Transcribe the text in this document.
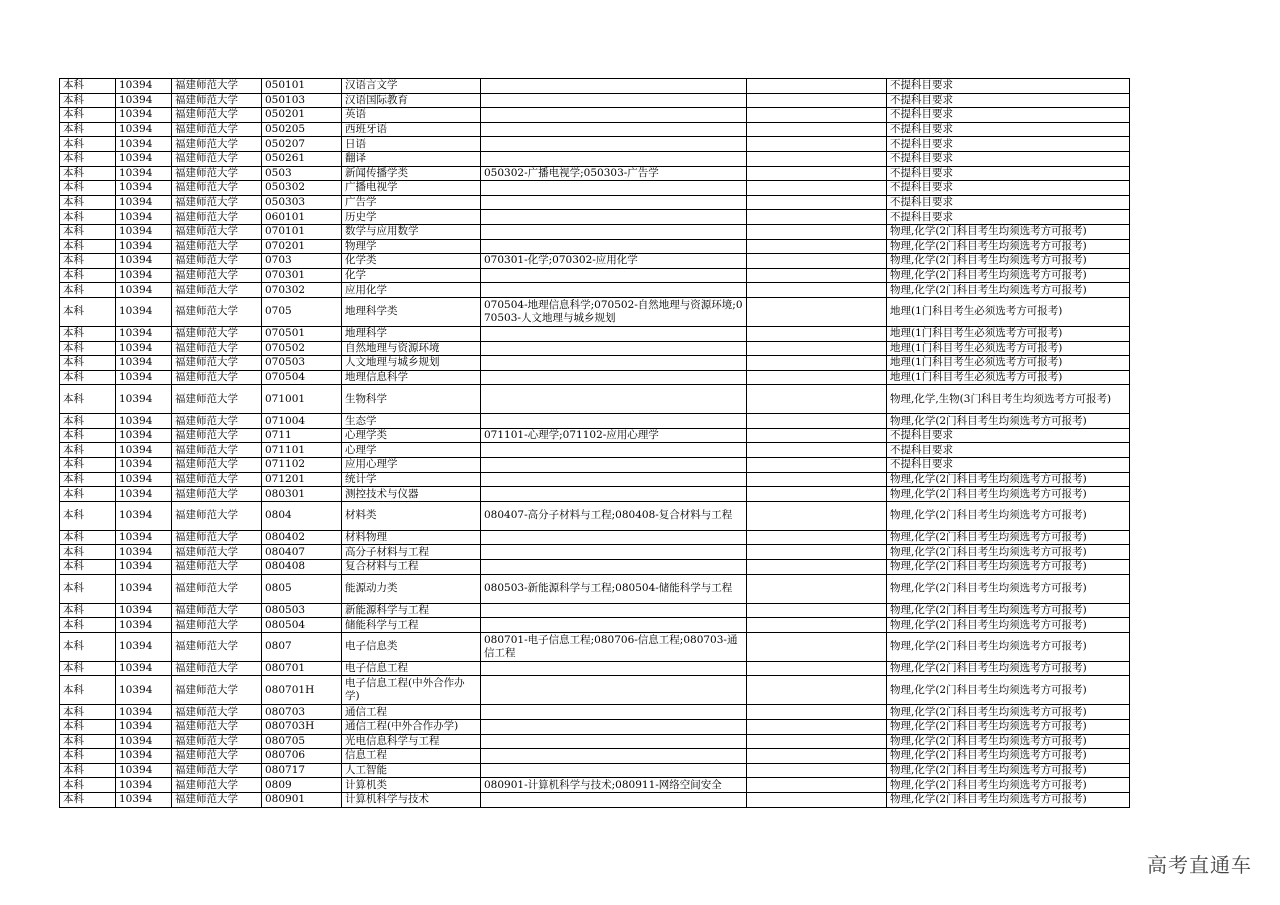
本科	10394	福建师范大学	050101	汉语言文学			不提科目要求
本科	10394	福建师范大学	050103	汉语国际教育			不提科目要求
本科	10394	福建师范大学	050201	英语			不提科目要求
本科	10394	福建师范大学	050205	西班牙语			不提科目要求
本科	10394	福建师范大学	050207	日语			不提科目要求
本科	10394	福建师范大学	050261	翻译			不提科目要求
本科	10394	福建师范大学	0503	新闻传播学类	050302-广播电视学;050303-广告学		不提科目要求
本科	10394	福建师范大学	050302	广播电视学			不提科目要求
本科	10394	福建师范大学	050303	广告学			不提科目要求
本科	10394	福建师范大学	060101	历史学			不提科目要求
本科	10394	福建师范大学	070101	数学与应用数学			物理,化学(2门科目考生均须选考方可报考)
本科	10394	福建师范大学	070201	物理学			物理,化学(2门科目考生均须选考方可报考)
本科	10394	福建师范大学	0703	化学类	070301-化学;070302-应用化学		物理,化学(2门科目考生均须选考方可报考)
本科	10394	福建师范大学	070301	化学			物理,化学(2门科目考生均须选考方可报考)
本科	10394	福建师范大学	070302	应用化学			物理,化学(2门科目考生均须选考方可报考)
本科	10394	福建师范大学	0705	地理科学类	070504-地理信息科学;070502-自然地理与资源环境;070503-人文地理与城乡规划		地理(1门科目考生必须选考方可报考)
本科	10394	福建师范大学	070501	地理科学			地理(1门科目考生必须选考方可报考)
本科	10394	福建师范大学	070502	自然地理与资源环境			地理(1门科目考生必须选考方可报考)
本科	10394	福建师范大学	070503	人文地理与城乡规划			地理(1门科目考生必须选考方可报考)
本科	10394	福建师范大学	070504	地理信息科学			地理(1门科目考生必须选考方可报考)
本科	10394	福建师范大学	071001	生物科学			物理,化学,生物(3门科目考生均须选考方可报考)
本科	10394	福建师范大学	071004	生态学			物理,化学(2门科目考生均须选考方可报考)
本科	10394	福建师范大学	0711	心理学类	071101-心理学;071102-应用心理学		不提科目要求
本科	10394	福建师范大学	071101	心理学			不提科目要求
本科	10394	福建师范大学	071102	应用心理学			不提科目要求
本科	10394	福建师范大学	071201	统计学			物理,化学(2门科目考生均须选考方可报考)
本科	10394	福建师范大学	080301	测控技术与仪器			物理,化学(2门科目考生均须选考方可报考)
本科	10394	福建师范大学	0804	材料类	080407-高分子材料与工程;080408-复合材料与工程		物理,化学(2门科目考生均须选考方可报考)
本科	10394	福建师范大学	080402	材料物理			物理,化学(2门科目考生均须选考方可报考)
本科	10394	福建师范大学	080407	高分子材料与工程			物理,化学(2门科目考生均须选考方可报考)
本科	10394	福建师范大学	080408	复合材料与工程			物理,化学(2门科目考生均须选考方可报考)
本科	10394	福建师范大学	0805	能源动力类	080503-新能源科学与工程;080504-储能科学与工程		物理,化学(2门科目考生均须选考方可报考)
本科	10394	福建师范大学	080503	新能源科学与工程			物理,化学(2门科目考生均须选考方可报考)
本科	10394	福建师范大学	080504	储能科学与工程			物理,化学(2门科目考生均须选考方可报考)
本科	10394	福建师范大学	0807	电子信息类	080701-电子信息工程;080706-信息工程;080703-通信工程		物理,化学(2门科目考生均须选考方可报考)
本科	10394	福建师范大学	080701	电子信息工程			物理,化学(2门科目考生均须选考方可报考)
本科	10394	福建师范大学	080701H	电子信息工程(中外合作办学)			物理,化学(2门科目考生均须选考方可报考)
本科	10394	福建师范大学	080703	通信工程			物理,化学(2门科目考生均须选考方可报考)
本科	10394	福建师范大学	080703H	通信工程(中外合作办学)			物理,化学(2门科目考生均须选考方可报考)
本科	10394	福建师范大学	080705	光电信息科学与工程			物理,化学(2门科目考生均须选考方可报考)
本科	10394	福建师范大学	080706	信息工程			物理,化学(2门科目考生均须选考方可报考)
本科	10394	福建师范大学	080717	人工智能			物理,化学(2门科目考生均须选考方可报考)
本科	10394	福建师范大学	0809	计算机类	080901-计算机科学与技术;080911-网络空间安全		物理,化学(2门科目考生均须选考方可报考)
本科	10394	福建师范大学	080901	计算机科学与技术			物理,化学(2门科目考生均须选考方可报考)
高考直通车
